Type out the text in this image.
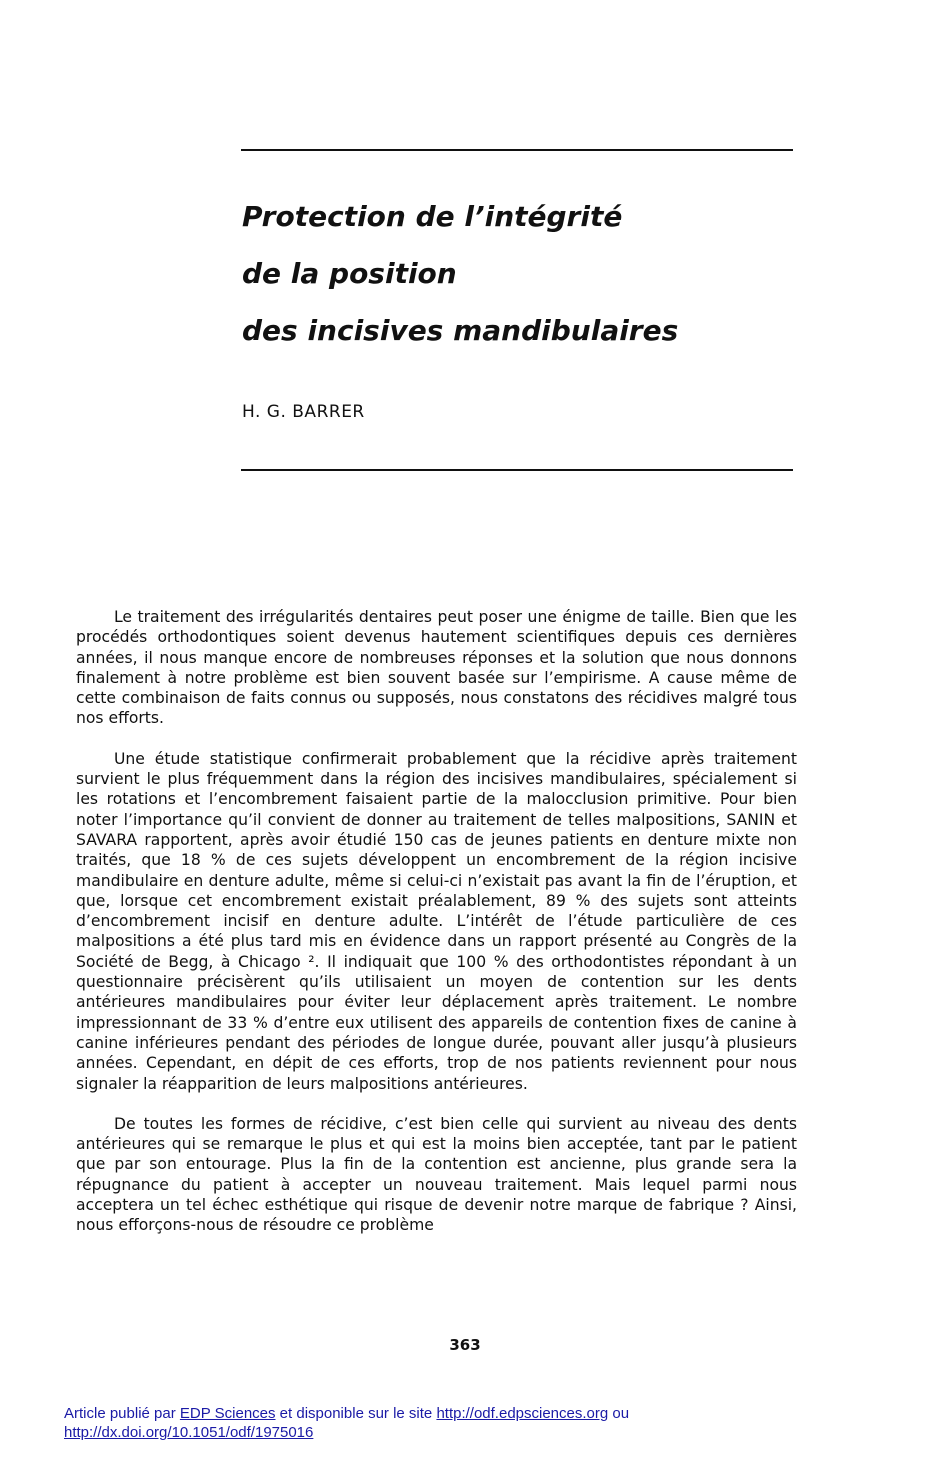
Protection de l’intégrité
de la position
des incisives mandibulaires
H. G. BARRER

Le traitement des irrégularités dentaires peut poser une énigme de taille. Bien que les procédés orthodontiques soient devenus hautement scientifiques depuis ces dernières années, il nous manque encore de nombreuses réponses et la solution que nous donnons finalement à notre problème est bien souvent basée sur l’empirisme. A cause même de cette combinaison de faits connus ou supposés, nous constatons des récidives malgré tous nos efforts.

Une étude statistique confirmerait probablement que la récidive après traitement survient le plus fréquemment dans la région des incisives mandibulaires, spécialement si les rotations et l’encombrement faisaient partie de la malocclusion primitive. Pour bien noter l’importance qu’il convient de donner au traitement de telles malpositions, SANIN et SAVARA rapportent, après avoir étudié 150 cas de jeunes patients en denture mixte non traités, que 18 % de ces sujets développent un encombrement de la région incisive mandibulaire en denture adulte, même si celui-ci n’existait pas avant la fin de l’éruption, et que, lorsque cet encombrement existait préalablement, 89 % des sujets sont atteints d’encombrement incisif en denture adulte. L’intérêt de l’étude particulière de ces malpositions a été plus tard mis en évidence dans un rapport présenté au Congrès de la Société de Begg, à Chicago ². Il indiquait que 100 % des orthodontistes répondant à un questionnaire précisèrent qu’ils utilisaient un moyen de contention sur les dents antérieures mandibulaires pour éviter leur déplacement après traitement. Le nombre impressionnant de 33 % d’entre eux utilisent des appareils de contention fixes de canine à canine inférieures pendant des périodes de longue durée, pouvant aller jusqu’à plusieurs années. Cependant, en dépit de ces efforts, trop de nos patients reviennent pour nous signaler la réapparition de leurs malpositions antérieures.

De toutes les formes de récidive, c’est bien celle qui survient au niveau des dents antérieures qui se remarque le plus et qui est la moins bien acceptée, tant par le patient que par son entourage. Plus la fin de la contention est ancienne, plus grande sera la répugnance du patient à accepter un nouveau traitement. Mais lequel parmi nous acceptera un tel échec esthétique qui risque de devenir notre marque de fabrique ? Ainsi, nous efforçons-nous de résoudre ce problème

363
Article publié par EDP Sciences et disponible sur le site http://odf.edpsciences.org ou
http://dx.doi.org/10.1051/odf/1975016
